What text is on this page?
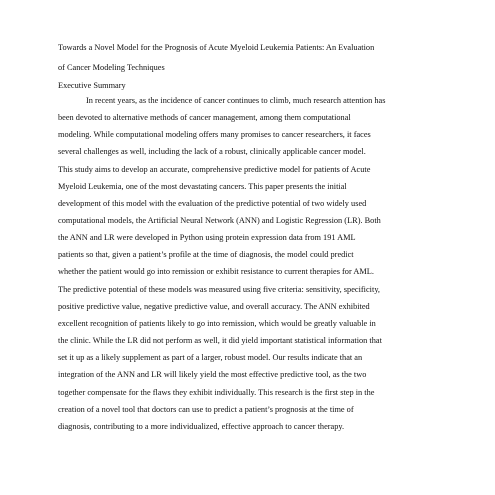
Towards a Novel Model for the Prognosis of Acute Myeloid Leukemia Patients: An Evaluation
of Cancer Modeling Techniques
Executive Summary
In recent years, as the incidence of cancer continues to climb, much research attention has
been devoted to alternative methods of cancer management, among them computational
modeling. While computational modeling offers many promises to cancer researchers, it faces
several challenges as well, including the lack of a robust, clinically applicable cancer model.
This study aims to develop an accurate, comprehensive predictive model for patients of Acute
Myeloid Leukemia, one of the most devastating cancers. This paper presents the initial
development of this model with the evaluation of the predictive potential of two widely used
computational models, the Artificial Neural Network (ANN) and Logistic Regression (LR). Both
the ANN and LR were developed in Python using protein expression data from 191 AML
patients so that, given a patient’s profile at the time of diagnosis, the model could predict
whether the patient would go into remission or exhibit resistance to current therapies for AML.
The predictive potential of these models was measured using five criteria: sensitivity, specificity,
positive predictive value, negative predictive value, and overall accuracy. The ANN exhibited
excellent recognition of patients likely to go into remission, which would be greatly valuable in
the clinic. While the LR did not perform as well, it did yield important statistical information that
set it up as a likely supplement as part of a larger, robust model. Our results indicate that an
integration of the ANN and LR will likely yield the most effective predictive tool, as the two
together compensate for the flaws they exhibit individually. This research is the first step in the
creation of a novel tool that doctors can use to predict a patient’s prognosis at the time of
diagnosis, contributing to a more individualized, effective approach to cancer therapy.
